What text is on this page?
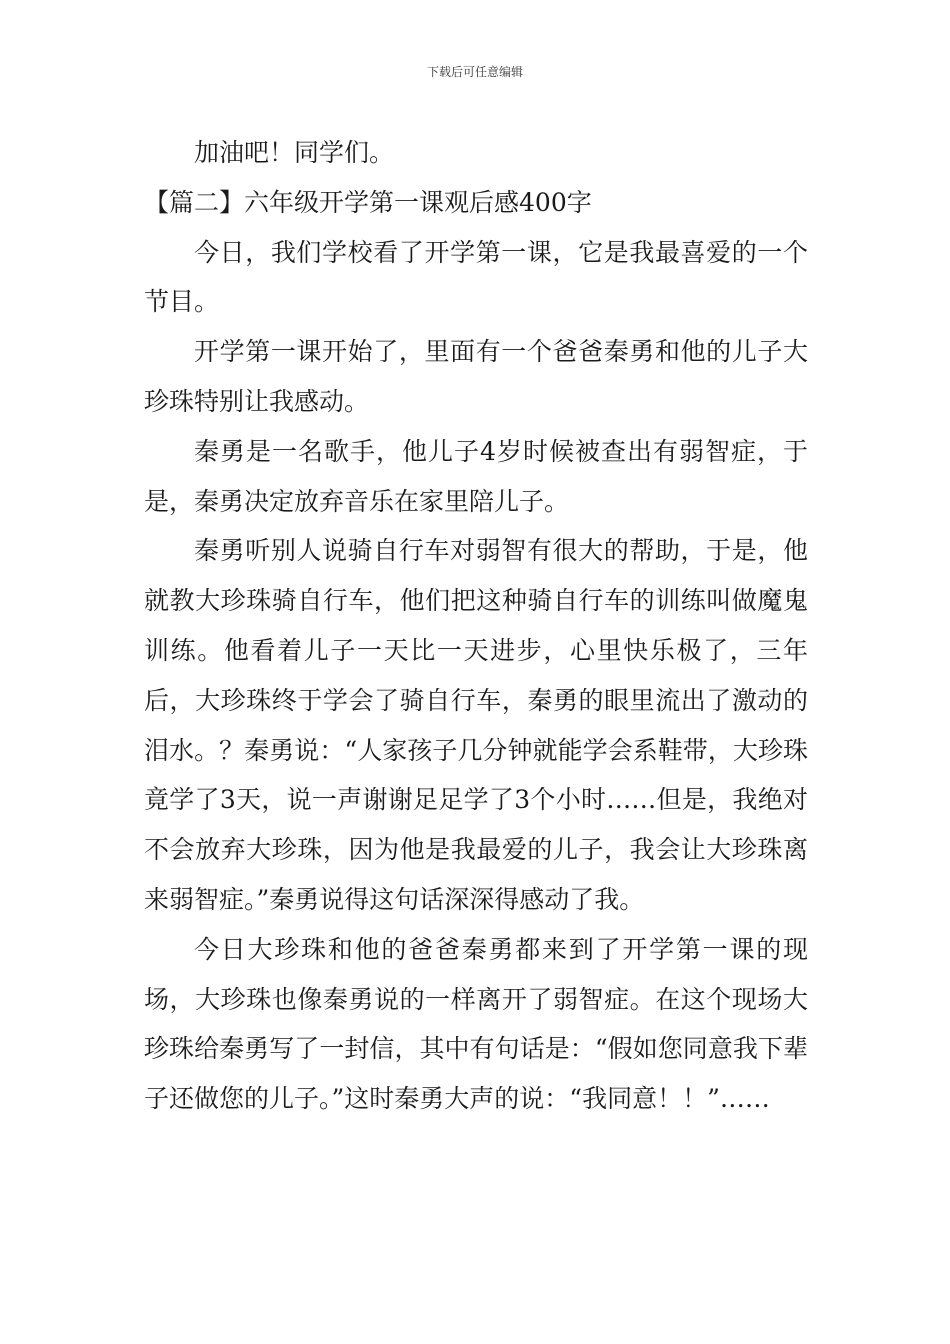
下载后可任意编辑

加油吧！同学们。

【篇二】六年级开学第一课观后感400字

今日，我们学校看了开学第一课，它是我最喜爱的一个节目。

开学第一课开始了，里面有一个爸爸秦勇和他的儿子大珍珠特别让我感动。

秦勇是一名歌手，他儿子4岁时候被查出有弱智症，于是，秦勇决定放弃音乐在家里陪儿子。

秦勇听别人说骑自行车对弱智有很大的帮助，于是，他就教大珍珠骑自行车，他们把这种骑自行车的训练叫做魔鬼训练。他看着儿子一天比一天进步，心里快乐极了，三年后，大珍珠终于学会了骑自行车，秦勇的眼里流出了激动的泪水。？秦勇说：“人家孩子几分钟就能学会系鞋带，大珍珠竟学了3天，说一声谢谢足足学了3个小时……但是，我绝对不会放弃大珍珠，因为他是我最爱的儿子，我会让大珍珠离来弱智症。”秦勇说得这句话深深得感动了我。

今日大珍珠和他的爸爸秦勇都来到了开学第一课的现场，大珍珠也像秦勇说的一样离开了弱智症。在这个现场大珍珠给秦勇写了一封信，其中有句话是：“假如您同意我下辈子还做您的儿子。”这时秦勇大声的说：“我同意！！”……
